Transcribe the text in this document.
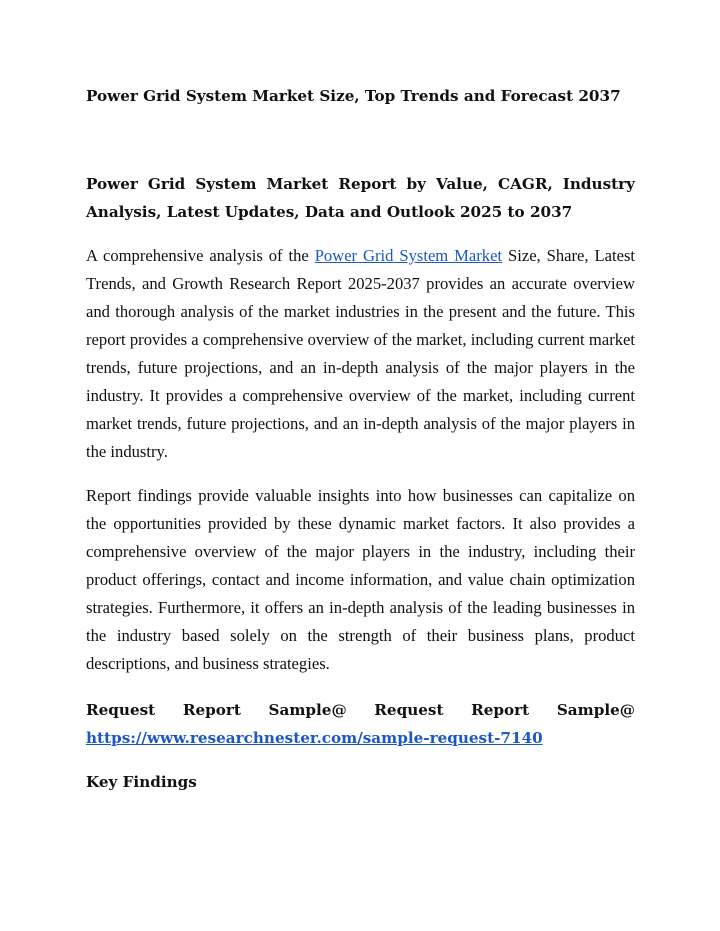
Power Grid System Market Size, Top Trends and Forecast 2037
Power Grid System Market Report by Value, CAGR, Industry Analysis, Latest Updates, Data and Outlook 2025 to 2037

A comprehensive analysis of the Power Grid System Market Size, Share, Latest Trends, and Growth Research Report 2025-2037 provides an accurate overview and thorough analysis of the market industries in the present and the future. This report provides a comprehensive overview of the market, including current market trends, future projections, and an in-depth analysis of the major players in the industry. It provides a comprehensive overview of the market, including current market trends, future projections, and an in-depth analysis of the major players in the industry.

Report findings provide valuable insights into how businesses can capitalize on the opportunities provided by these dynamic market factors. It also provides a comprehensive overview of the major players in the industry, including their product offerings, contact and income information, and value chain optimization strategies. Furthermore, it offers an in-depth analysis of the leading businesses in the industry based solely on the strength of their business plans, product descriptions, and business strategies.

Request Report Sample@ Request Report Sample@
https://www.researchnester.com/sample-request-7140
Key Findings
